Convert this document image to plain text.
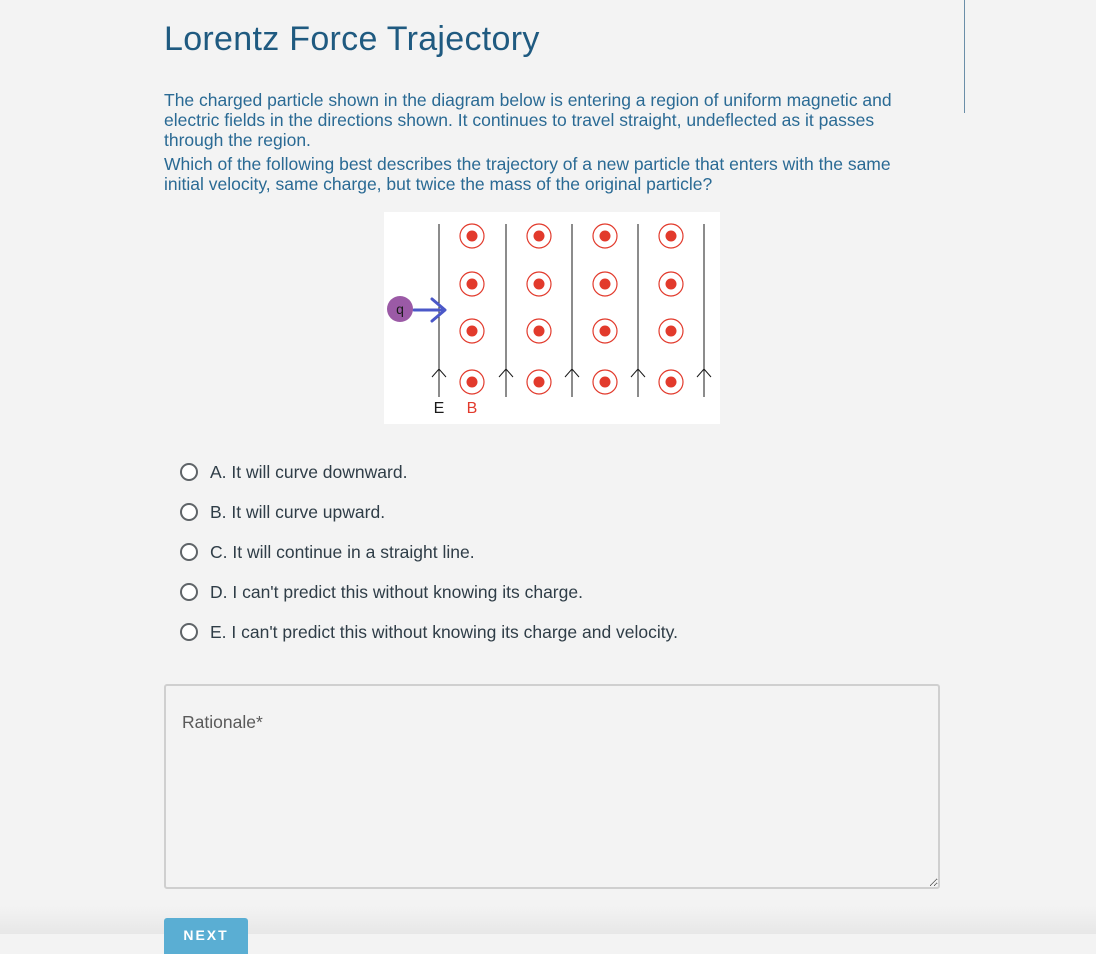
Lorentz Force Trajectory

The charged particle shown in the diagram below is entering a region of uniform magnetic and electric fields in the directions shown. It continues to travel straight, undeflected as it passes through the region.

Which of the following best describes the trajectory of a new particle that enters with the same initial velocity, same charge, but twice the mass of the original particle?

q
E B
A. It will curve downward.
B. It will curve upward.
C. It will continue in a straight line.
D. I can't predict this without knowing its charge.
E. I can't predict this without knowing its charge and velocity.
Rationale*
NEXT
